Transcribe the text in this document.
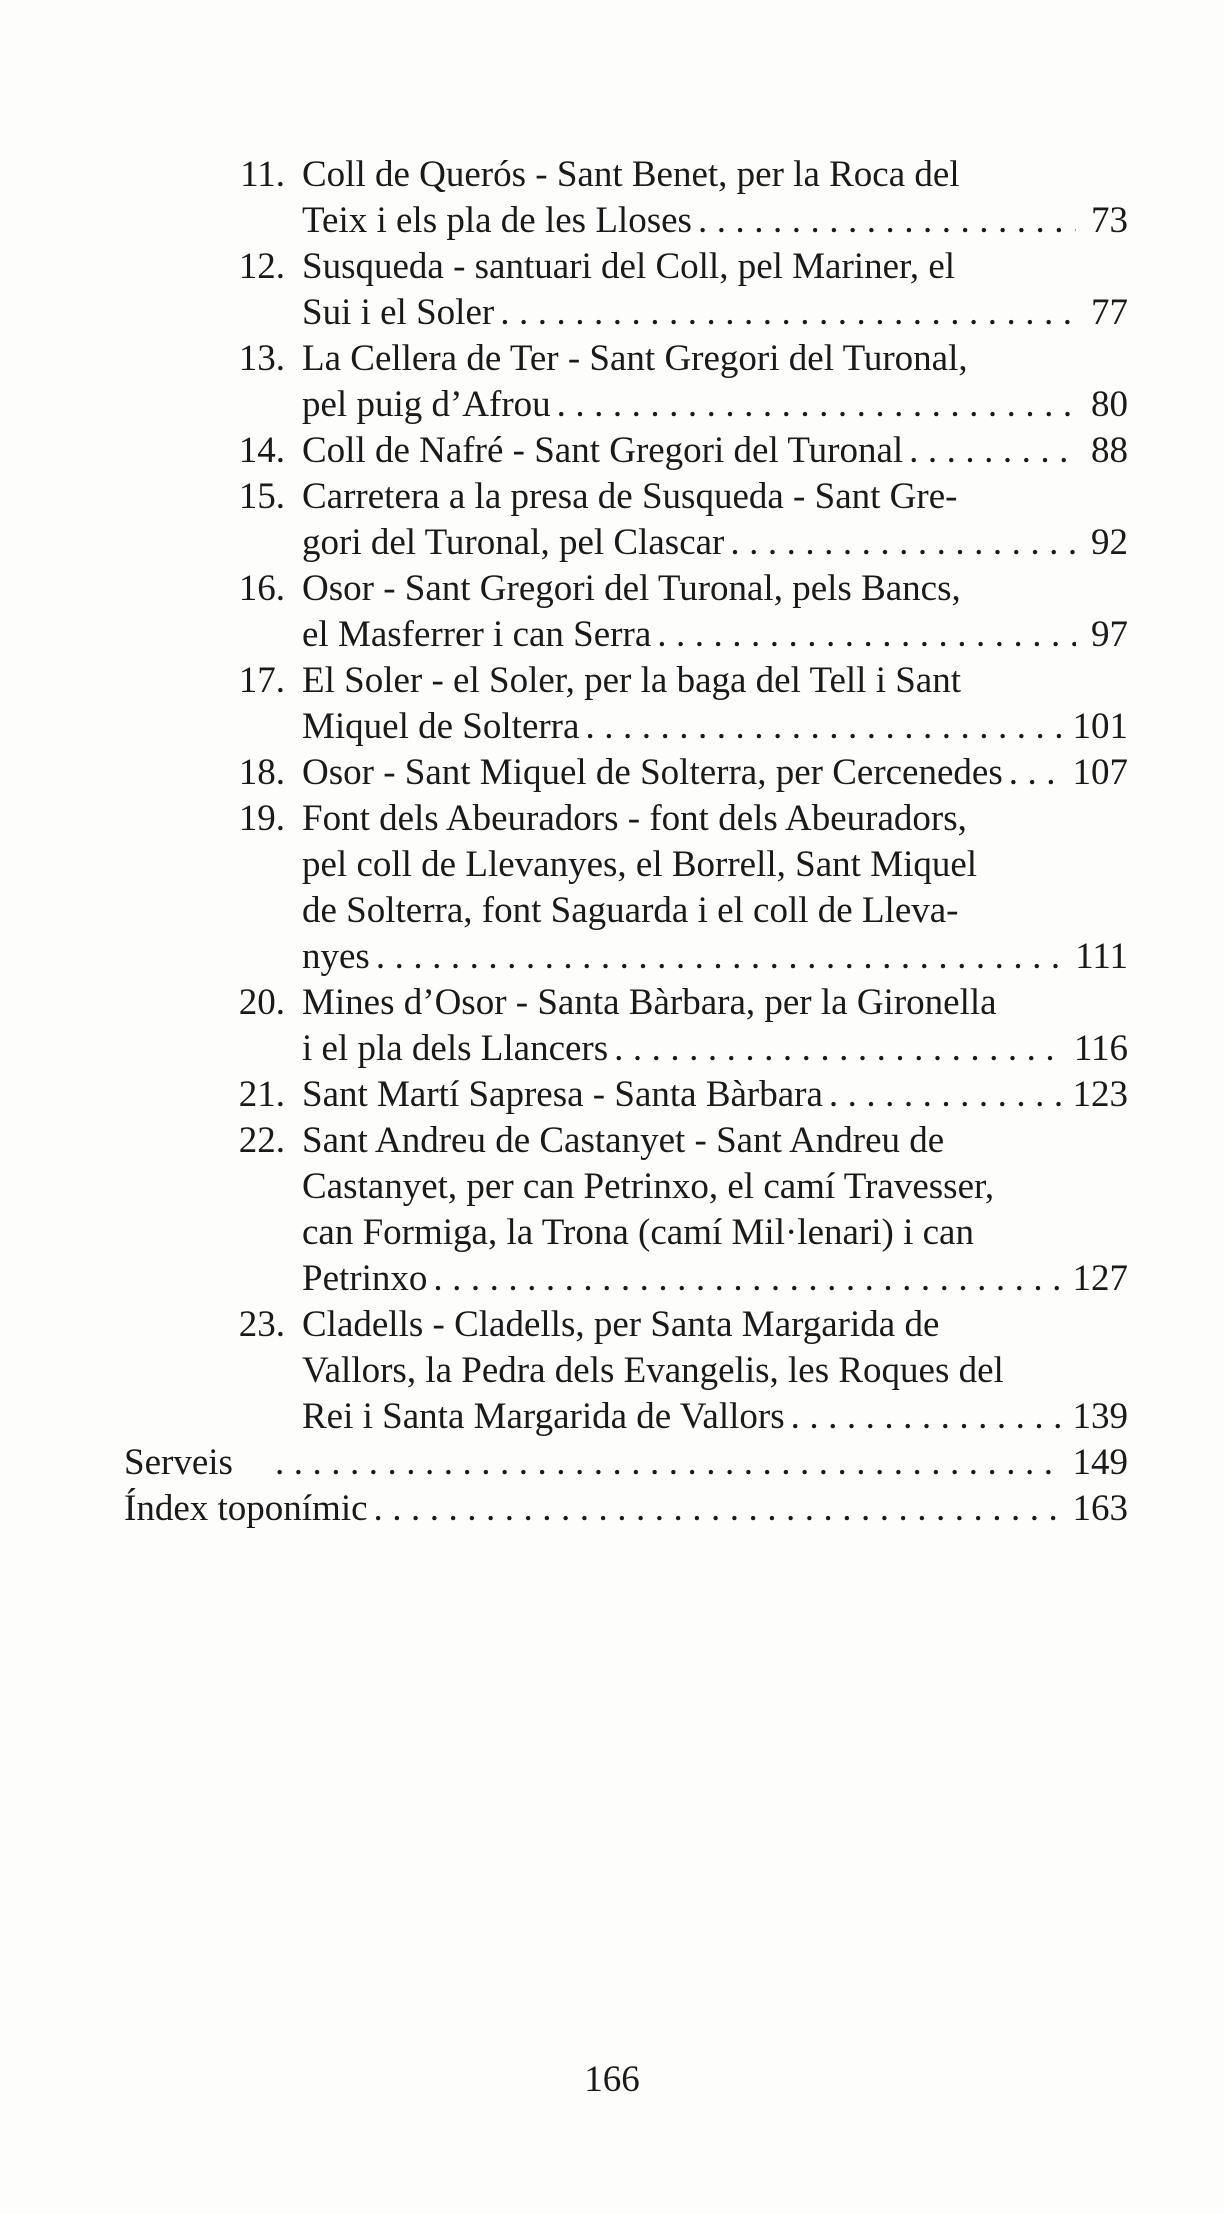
11. Coll de Querós - Sant Benet, per la Roca del
Teix i els pla de les Lloses .....	73
12. Susqueda - santuari del Coll, pel Mariner, el
Sui i el Soler .....	77
13. La Cellera de Ter - Sant Gregori del Turonal,
pel puig d’Afrou .....	80
14. Coll de Nafré - Sant Gregori del Turonal .....	88
15. Carretera a la presa de Susqueda - Sant Gre-
gori del Turonal, pel Clascar .....	92
16. Osor - Sant Gregori del Turonal, pels Bancs,
el Masferrer i can Serra .....	97
17. El Soler - el Soler, per la baga del Tell i Sant
Miquel de Solterra .....	101
18. Osor - Sant Miquel de Solterra, per Cercenedes ..... 107
19. Font dels Abeuradors - font dels Abeuradors,
pel coll de Llevanyes, el Borrell, Sant Miquel
de Solterra, font Saguarda i el coll de Lleva-
nyes .....	111
20. Mines d’Osor - Santa Bàrbara, per la Gironella
i el pla dels Llancers .....	116
21. Sant Martí Sapresa - Santa Bàrbara .....	123
22. Sant Andreu de Castanyet - Sant Andreu de
Castanyet, per can Petrinxo, el camí Travesser,
can Formiga, la Trona (camí Mil·lenari) i can
Petrinxo .....	127
23. Cladells - Cladells, per Santa Margarida de
Vallors, la Pedra dels Evangelis, les Roques del
Rei i Santa Margarida de Vallors .....	139
Serveis .....	149
Índex toponímic .....	163
166
